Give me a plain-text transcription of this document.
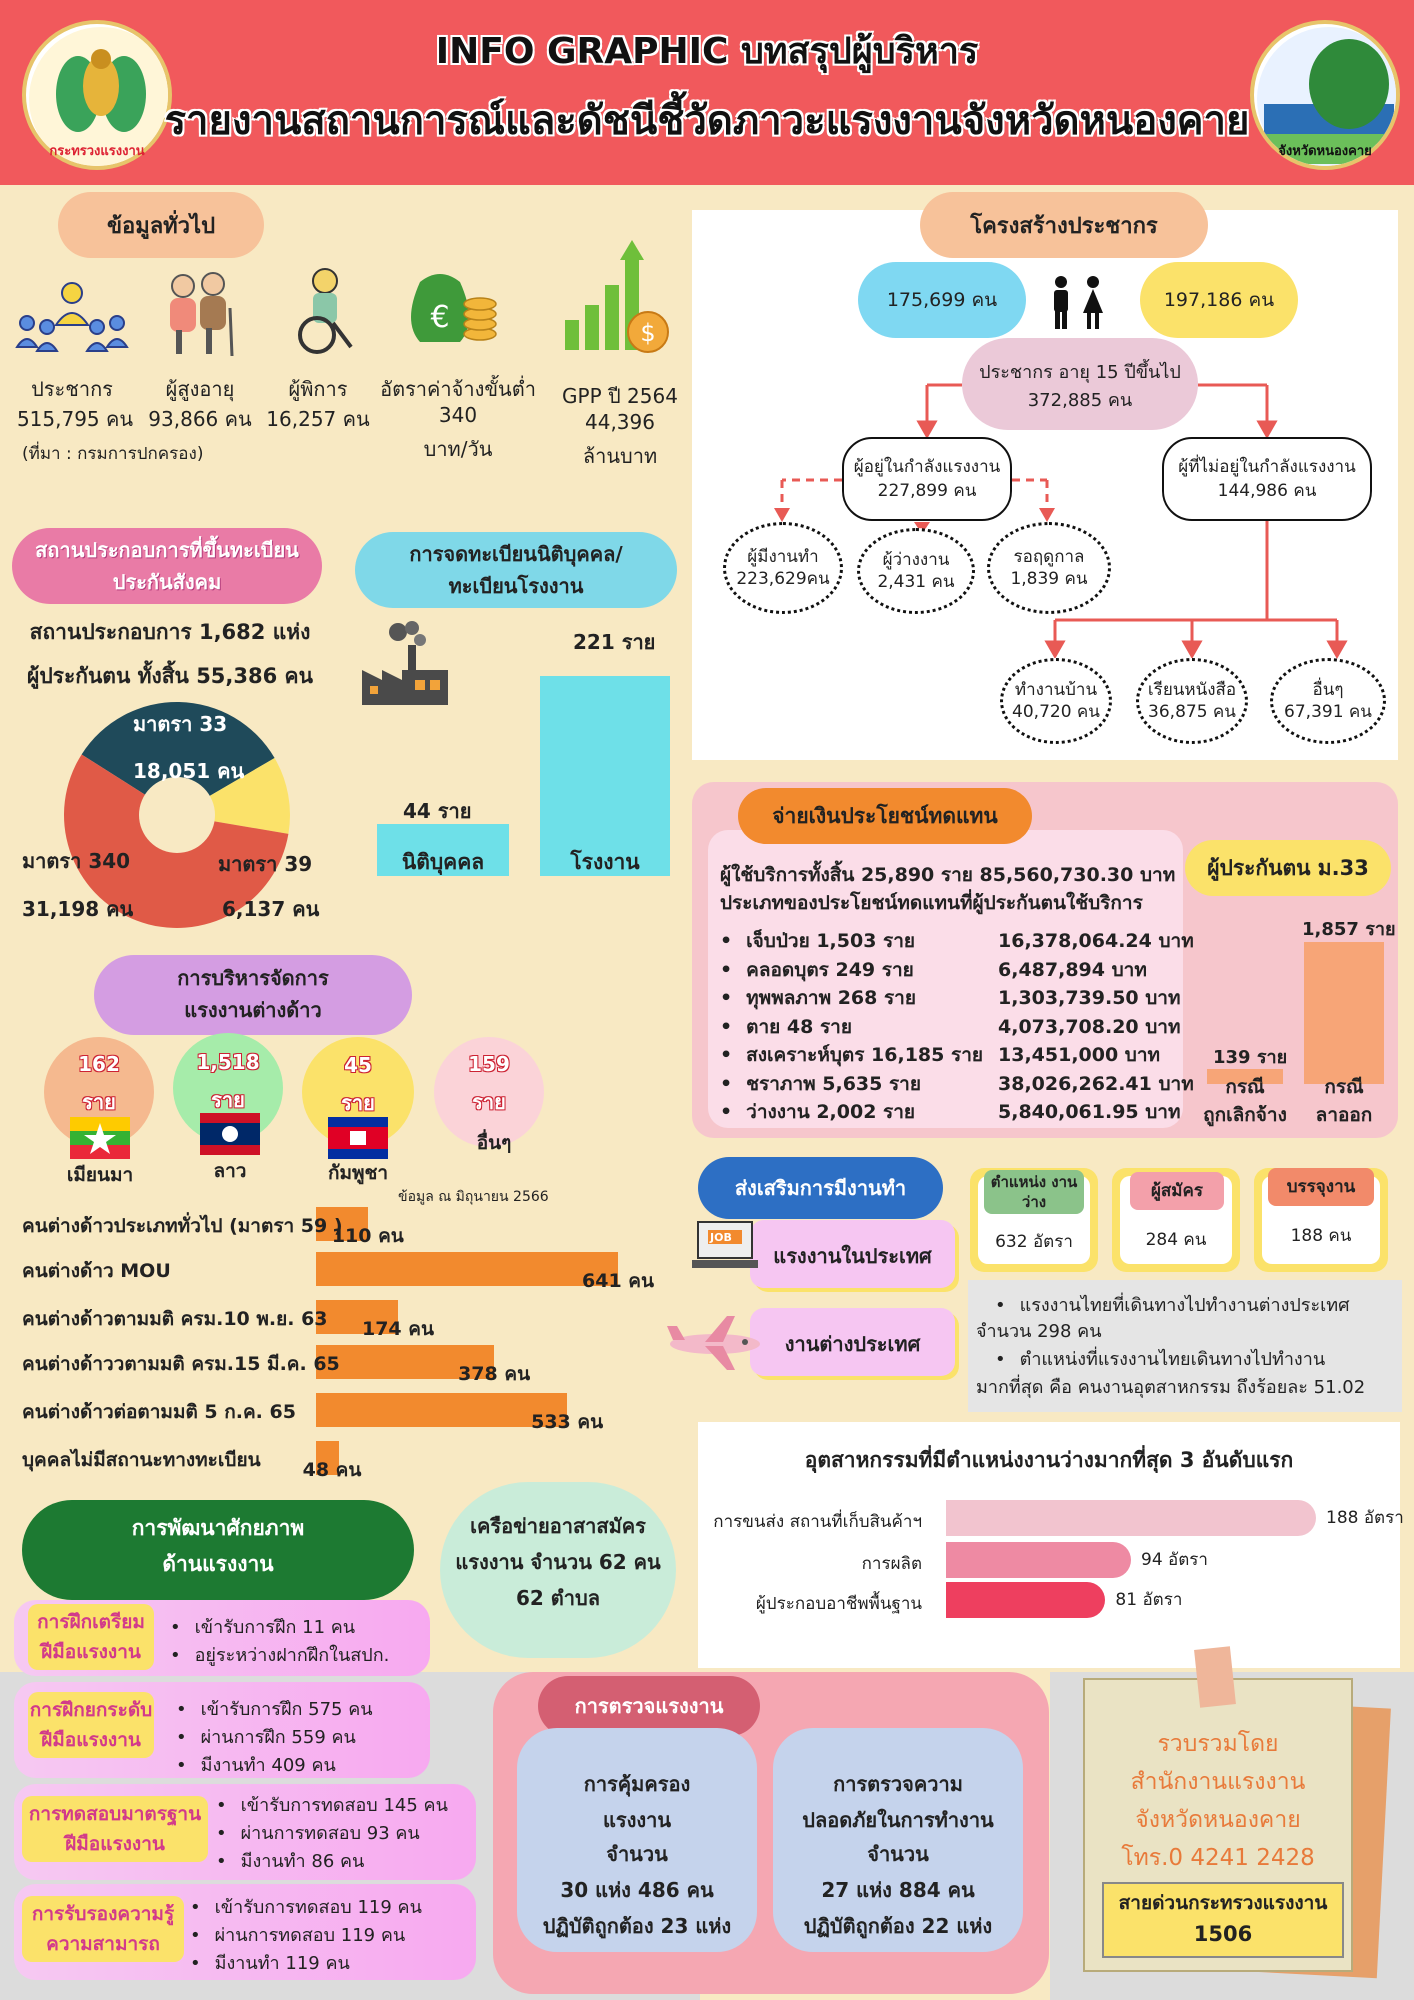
กระทรวงแรงงาน	จังหวัดหนองคาย
INFO GRAPHIC บทสรุปผู้บริหาร
รายงานสถานการณ์และดัชนีชี้วัดภาวะแรงงานจังหวัดหนองคาย
ข้อมูลทั่วไป
€	$
ประชากร
515,795 คน
ผู้สูงอายุ
93,866 คน
ผู้พิการ
16,257 คน
อัตราค่าจ้างขั้นต่ำ
340
บาท/วัน
GPP ปี 2564
44,396
ล้านบาท
(ที่มา : กรมการปกครอง)
โครงสร้างประชากร
175,699 คน	197,186 คน
ประชากร อายุ 15 ปีขึ้นไป
372,885 คน
ผู้อยู่ในกำลังแรงงาน
227,899 คน
ผู้ที่ไม่อยู่ในกำลังแรงงาน
144,986 คน
ผู้มีงานทำ
223,629คน
ผู้ว่างงาน
2,431 คน
รอฤดูกาล
1,839 คน
ทำงานบ้าน
40,720 คน
เรียนหนังสือ
36,875 คน
อื่นๆ
67,391 คน
สถานประกอบการที่ขึ้นทะเบียน
ประกันสังคม
สถานประกอบการ 1,682 แห่ง
ผู้ประกันตน ทั้งสิ้น 55,386 คน
มาตรา 33
18,051 คน
มาตรา 340
31,198 คน
มาตรา 39
6,137 คน
การจดทะเบียนนิติบุคคล/
ทะเบียนโรงงาน
44 ราย
นิติบุคคล
221 ราย
โรงงาน
จ่ายเงินประโยชน์ทดแทน
ผู้ใช้บริการทั้งสิ้น 25,890 ราย 85,560,730.30 บาท
ประเภทของประโยชน์ทดแทนที่ผู้ประกันตนใช้บริการ
• เจ็บป่วย 1,503 ราย	16,378,064.24 บาท
• คลอดบุตร 249 ราย	6,487,894 บาท
• ทุพพลภาพ 268 ราย	1,303,739.50 บาท
• ตาย 48 ราย	4,073,708.20 บาท
• สงเคราะห์บุตร 16,185 ราย 13,451,000 บาท
• ชราภาพ 5,635 ราย	38,026,262.41 บาท
• ว่างงาน 2,002 ราย	5,840,061.95 บาท
ผู้ประกันตน ม.33
139 ราย
กรณี
ถูกเลิกจ้าง
1,857 ราย
กรณี
ลาออก
การบริหารจัดการ
แรงงานต่างด้าว
162
ราย
1,518
ราย
45
ราย
159
ราย
เมียนมา	ลาว	กัมพูชา
อื่นๆ
ข้อมูล ณ มิถุนายน 2566
คนต่างด้าวประเภททั่วไป (มาตรา 59 )
110 คน
คนต่างด้าว MOU	641 คน
คนต่างด้าวตามมติ ครม.10 พ.ย. 63 174 คน
คนต่างด้าววตามมติ ครม.15 มี.ค. 65	378 คน
คนต่างด้าวต่อตามมติ 5 ก.ค. 65	533 คน
บุคคลไม่มีสถานะทางทะเบียน 48 คน
ส่งเสริมการมีงานทำ
แรงงานในประเทศ
JOB
งานต่างประเทศ
ตำแหน่ง งานว่าง
632 อัตรา
ผู้สมัคร
284 คน
บรรจุงาน
188 คน
• แรงงานไทยที่เดินทางไปทำงานต่างประเทศ
จำนวน 298 คน
• ตำแหน่งที่แรงงานไทยเดินทางไปทำงาน
มากที่สุด คือ คนงานอุตสาหกรรม ถึงร้อยละ 51.02
อุตสาหกรรมที่มีตำแหน่งงานว่างมากที่สุด 3 อันดับแรก
การขนส่ง สถานที่เก็บสินค้าฯ	188 อัตรา
การผลิต	94 อัตรา
ผู้ประกอบอาชีพพื้นฐาน	81 อัตรา
การพัฒนาศักยภาพ
ด้านแรงงาน
การฝึกเตรียม
ฝีมือแรงงาน
• เข้ารับการฝึก 11 คน
• อยู่ระหว่างฝากฝึกในสปก.
การฝึกยกระดับ
ฝีมือแรงงาน
• เข้ารับการฝึก 575 คน
• ผ่านการฝึก 559 คน
• มีงานทำ 409 คน
การทดสอบมาตรฐาน
ฝีมือแรงงาน
• เข้ารับการทดสอบ 145 คน
• ผ่านการทดสอบ 93 คน
• มีงานทำ 86 คน
การรับรองความรู้
ความสามารถ
• เข้ารับการทดสอบ 119 คน
• ผ่านการทดสอบ 119 คน
• มีงานทำ 119 คน
เครือข่ายอาสาสมัคร
แรงงาน จำนวน 62 คน
62 ตำบล
การตรวจแรงงาน
การคุ้มครอง
แรงงาน
จำนวน
30 แห่ง 486 คน
ปฏิบัติถูกต้อง 23 แห่ง
การตรวจความ
ปลอดภัยในการทำงาน
จำนวน
27 แห่ง 884 คน
ปฏิบัติถูกต้อง 22 แห่ง
รวบรวมโดย
สำนักงานแรงงาน
จังหวัดหนองคาย
โทร.0 4241 2428
สายด่วนกระทรวงแรงงาน
1506
